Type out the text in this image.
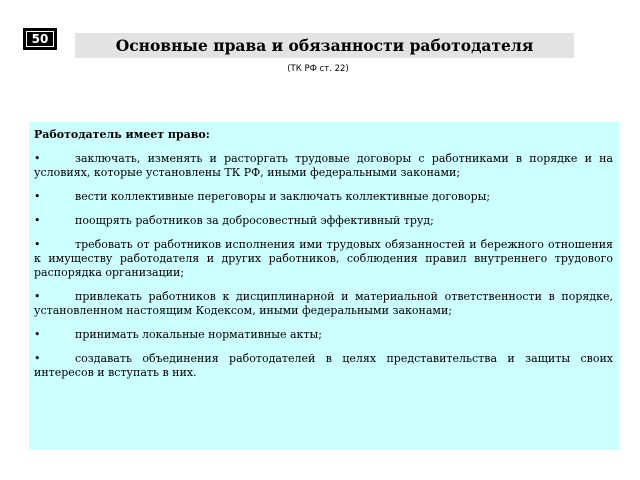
50	Основные права и обязанности работодателя
(ТК РФ ст. 22)
Работодатель имеет право:
•	заключать, изменять и расторгать трудовые договоры с работниками в порядке и на условиях, которые установлены ТК РФ, иными федеральными законами;
•	вести коллективные переговоры и заключать коллективные договоры;
•	поощрять работников за добросовестный эффективный труд;
•	требовать от работников исполнения ими трудовых обязанностей и бережного отношения к имуществу работодателя и других работников, соблюдения правил внутреннего трудового распорядка организации;
•	привлекать работников к дисциплинарной и материальной ответственности в порядке, установленном настоящим Кодексом, иными федеральными законами;
•	принимать локальные нормативные акты;
•	создавать объединения работодателей в целях представительства и защиты своих интересов и вступать в них.
